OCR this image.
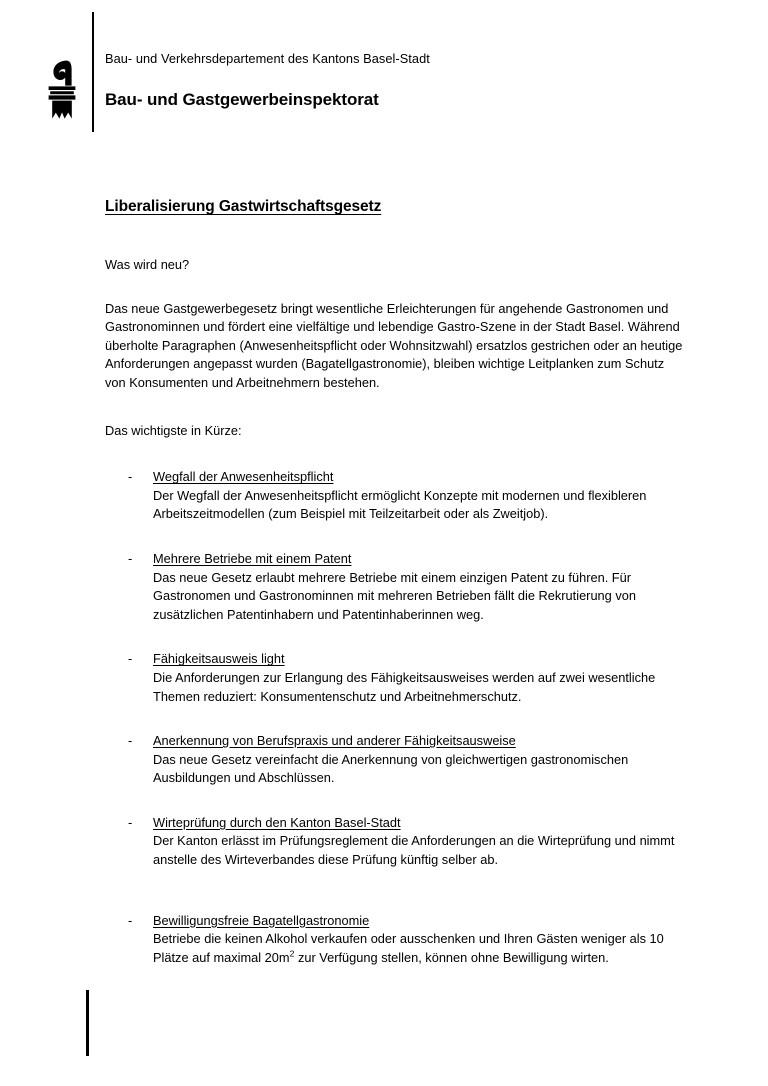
Bau- und Verkehrsdepartement des Kantons Basel-Stadt
Bau- und Gastgewerbeinspektorat
Liberalisierung Gastwirtschaftsgesetz

Was wird neu?

Das neue Gastgewerbegesetz bringt wesentliche Erleichterungen für angehende Gastronomen und Gastronominnen und fördert eine vielfältige und lebendige Gastro-Szene in der Stadt Basel. Während überholte Paragraphen (Anwesenheitspflicht oder Wohnsitzwahl) ersatzlos gestrichen oder an heutige Anforderungen angepasst wurden (Bagatellgastronomie), bleiben wichtige Leitplanken zum Schutz von Konsumenten und Arbeitnehmern bestehen.

Das wichtigste in Kürze:

- Wegfall der Anwesenheitspflicht
Der Wegfall der Anwesenheitspflicht ermöglicht Konzepte mit modernen und flexibleren Arbeitszeitmodellen (zum Beispiel mit Teilzeitarbeit oder als Zweitjob).
- Mehrere Betriebe mit einem Patent
Das neue Gesetz erlaubt mehrere Betriebe mit einem einzigen Patent zu führen. Für Gastronomen und Gastronominnen mit mehreren Betrieben fällt die Rekrutierung von zusätzlichen Patentinhabern und Patentinhaberinnen weg.
- Fähigkeitsausweis light
Die Anforderungen zur Erlangung des Fähigkeitsausweises werden auf zwei wesentliche Themen reduziert: Konsumentenschutz und Arbeitnehmerschutz.
- Anerkennung von Berufspraxis und anderer Fähigkeitsausweise
Das neue Gesetz vereinfacht die Anerkennung von gleichwertigen gastronomischen Ausbildungen und Abschlüssen.
- Wirteprüfung durch den Kanton Basel-Stadt
Der Kanton erlässt im Prüfungsreglement die Anforderungen an die Wirteprüfung und nimmt anstelle des Wirteverbandes diese Prüfung künftig selber ab.
- Bewilligungsfreie Bagatellgastronomie
Betriebe die keinen Alkohol verkaufen oder ausschenken und Ihren Gästen weniger als 10 Plätze auf maximal $20m^2$ zur Verfügung stellen, können ohne Bewilligung wirten.
